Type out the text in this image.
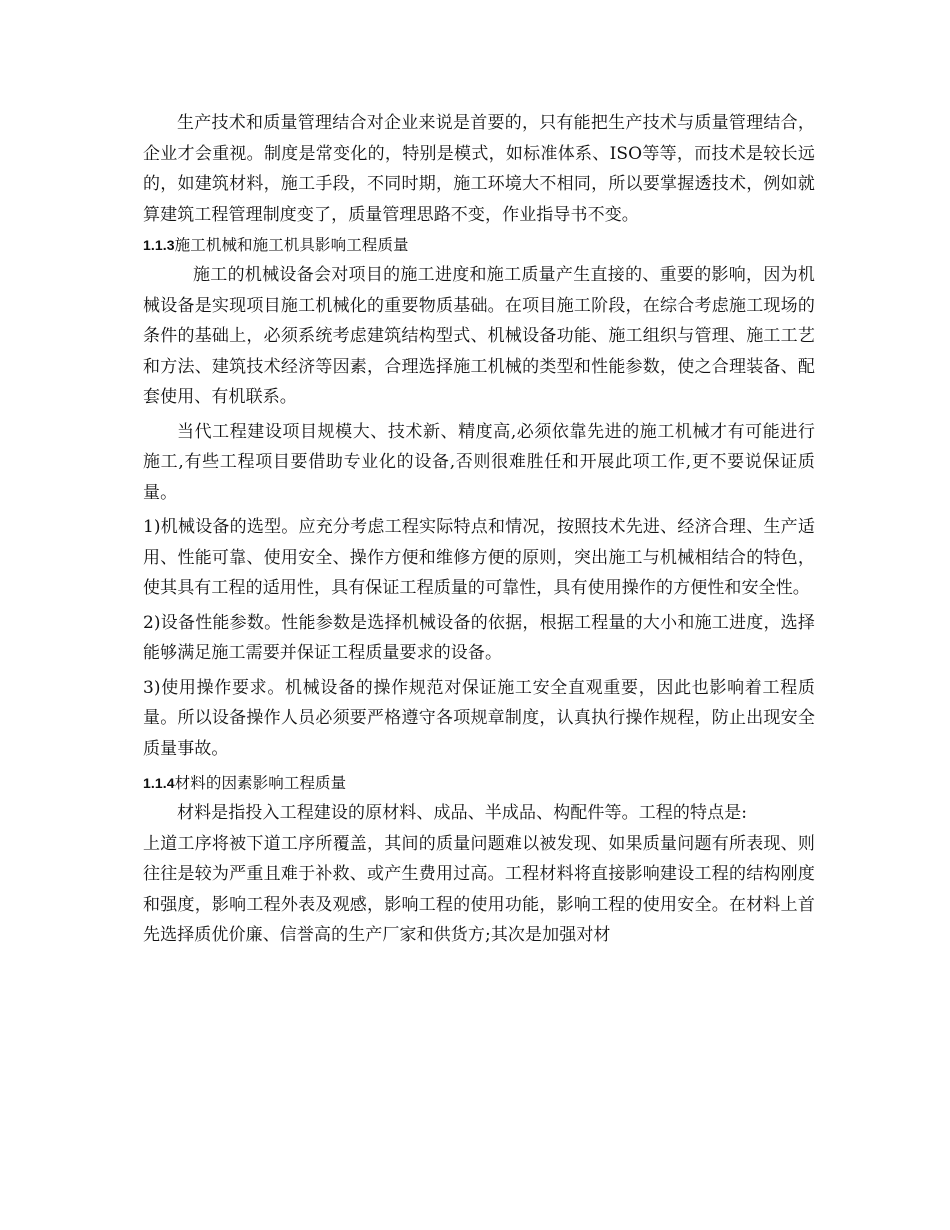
生产技术和质量管理结合对企业来说是首要的，只有能把生产技术与质量管理结合，企业才会重视。制度是常变化的，特别是模式，如标准体系、ISO等等，而技术是较长远的，如建筑材料，施工手段，不同时期，施工环境大不相同，所以要掌握透技术，例如就算建筑工程管理制度变了，质量管理思路不变，作业指导书不变。

1.1.3施工机械和施工机具影响工程质量

施工的机械设备会对项目的施工进度和施工质量产生直接的、重要的影响，因为机械设备是实现项目施工机械化的重要物质基础。在项目施工阶段，在综合考虑施工现场的条件的基础上，必须系统考虑建筑结构型式、机械设备功能、施工组织与管理、施工工艺和方法、建筑技术经济等因素，合理选择施工机械的类型和性能参数，使之合理装备、配套使用、有机联系。

当代工程建设项目规模大、技术新、精度高,必须依靠先进的施工机械才有可能进行施工,有些工程项目要借助专业化的设备,否则很难胜任和开展此项工作,更不要说保证质量。

1)机械设备的选型。应充分考虑工程实际特点和情况，按照技术先进、经济合理、生产适用、性能可靠、使用安全、操作方便和维修方便的原则，突出施工与机械相结合的特色，使其具有工程的适用性，具有保证工程质量的可靠性，具有使用操作的方便性和安全性。

2)设备性能参数。性能参数是选择机械设备的依据，根据工程量的大小和施工进度，选择能够满足施工需要并保证工程质量要求的设备。

3)使用操作要求。机械设备的操作规范对保证施工安全直观重要，因此也影响着工程质量。所以设备操作人员必须要严格遵守各项规章制度，认真执行操作规程，防止出现安全质量事故。

1.1.4材料的因素影响工程质量

材料是指投入工程建设的原材料、成品、半成品、构配件等。工程的特点是:

上道工序将被下道工序所覆盖，其间的质量问题难以被发现、如果质量问题有所表现、则往往是较为严重且难于补救、或产生费用过高。工程材料将直接影响建设工程的结构刚度和强度，影响工程外表及观感，影响工程的使用功能，影响工程的使用安全。在材料上首先选择质优价廉、信誉高的生产厂家和供货方;其次是加强对材
